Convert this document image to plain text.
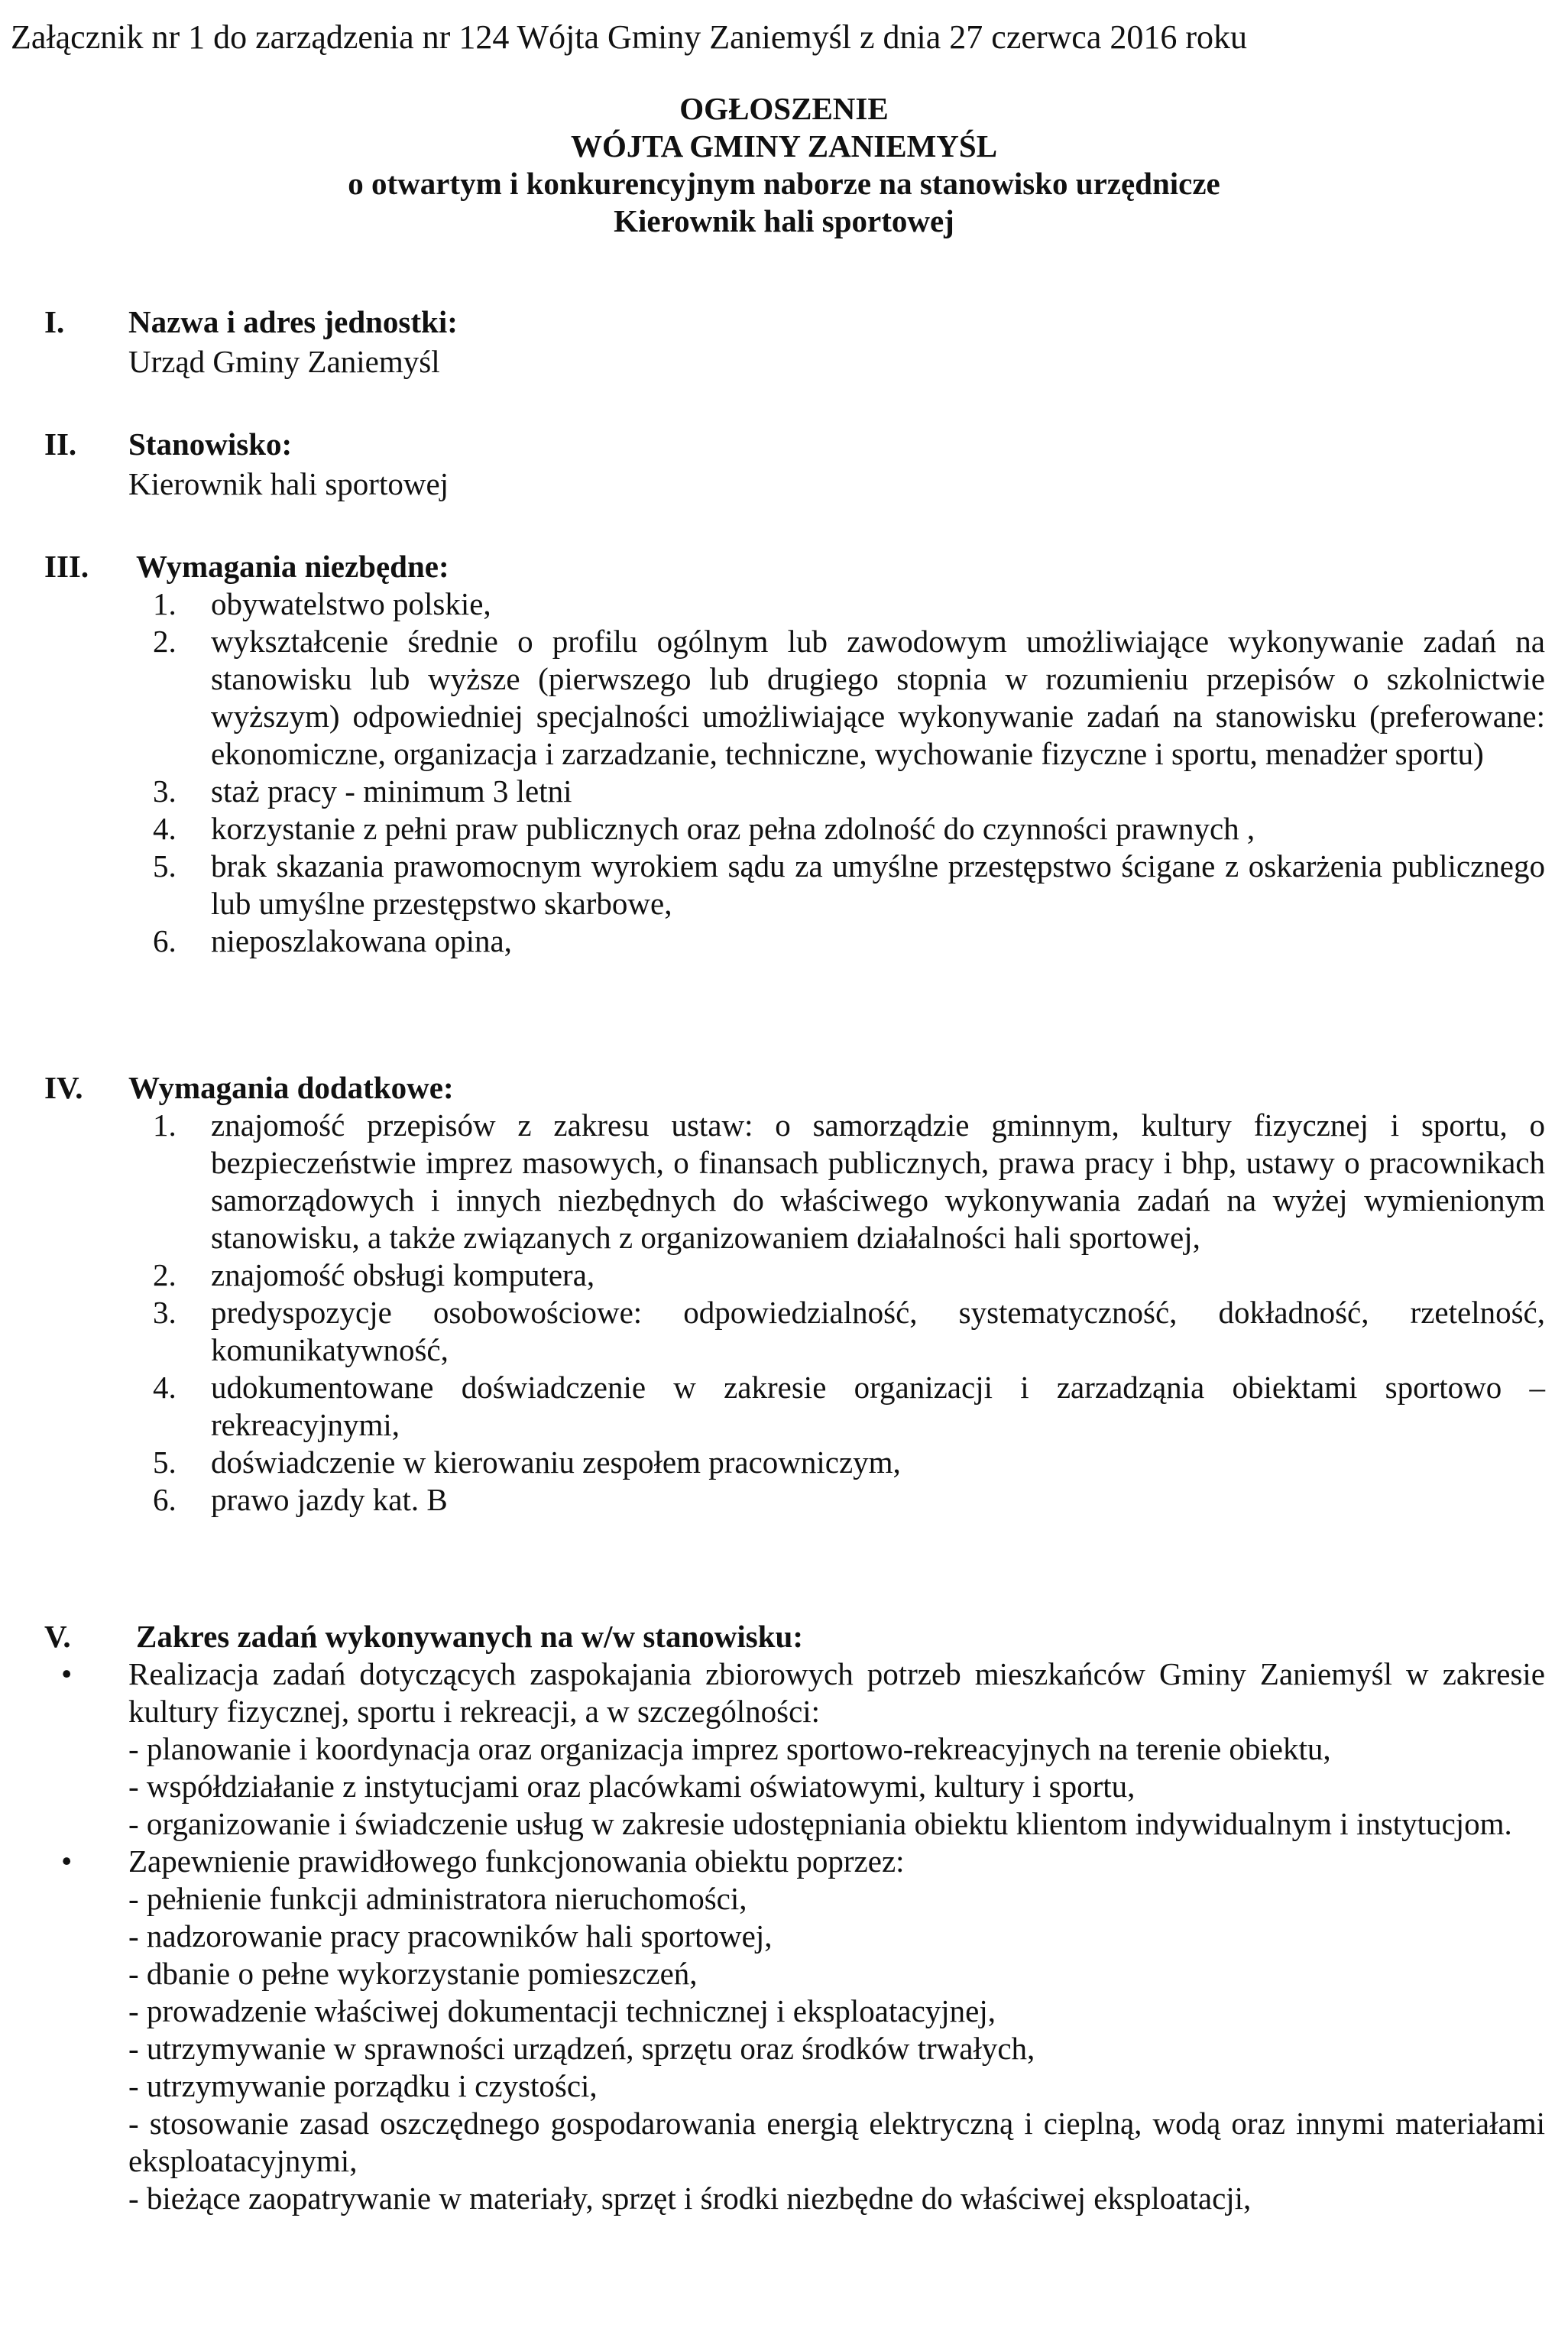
Załącznik nr 1 do zarządzenia nr 124 Wójta Gminy Zaniemyśl z dnia 27 czerwca 2016 roku
OGŁOSZENIE
WÓJTA GMINY ZANIEMYŚL
o otwartym i konkurencyjnym naborze na stanowisko urzędnicze
Kierownik hali sportowej
I. Nazwa i adres jednostki:
Urząd Gminy Zaniemyśl
II. Stanowisko:
Kierownik hali sportowej
III. Wymagania niezbędne:
1. obywatelstwo polskie,
2. wykształcenie średnie o profilu ogólnym lub zawodowym umożliwiające wykonywanie zadań na stanowisku lub wyższe (pierwszego lub drugiego stopnia w rozumieniu przepisów o szkolnictwie wyższym) odpowiedniej specjalności umożliwiające wykonywanie zadań na stanowisku (preferowane: ekonomiczne, organizacja i zarzadzanie, techniczne, wychowanie fizyczne i sportu, menadżer sportu)
3. staż pracy - minimum 3 letni
4. korzystanie z pełni praw publicznych oraz pełna zdolność do czynności prawnych ,
5. brak skazania prawomocnym wyrokiem sądu za umyślne przestępstwo ścigane z oskarżenia publicznego lub umyślne przestępstwo skarbowe,
6. nieposzlakowana opina,
IV. Wymagania dodatkowe:
1. znajomość przepisów z zakresu ustaw: o samorządzie gminnym, kultury fizycznej i sportu, o bezpieczeństwie imprez masowych, o finansach publicznych, prawa pracy i bhp, ustawy o pracownikach samorządowych i innych niezbędnych do właściwego wykonywania zadań na wyżej wymienionym stanowisku, a także związanych z organizowaniem działalności hali sportowej,
2. znajomość obsługi komputera,
3. predyspozycje osobowościowe: odpowiedzialność, systematyczność, dokładność, rzetelność, komunikatywność,
4. udokumentowane doświadczenie w zakresie organizacji i zarzadząnia obiektami sportowo – rekreacyjnymi,
5. doświadczenie w kierowaniu zespołem pracowniczym,
6. prawo jazdy kat. B
V. Zakres zadań wykonywanych na w/w stanowisku:
• Realizacja zadań dotyczących zaspokajania zbiorowych potrzeb mieszkańców Gminy Zaniemyśl w zakresie kultury fizycznej, sportu i rekreacji, a w szczególności:
- planowanie i koordynacja oraz organizacja imprez sportowo-rekreacyjnych na terenie obiektu,
- współdziałanie z instytucjami oraz placówkami oświatowymi, kultury i sportu,
- organizowanie i świadczenie usług w zakresie udostępniania obiektu klientom indywidualnym i instytucjom.
• Zapewnienie prawidłowego funkcjonowania obiektu poprzez:
- pełnienie funkcji administratora nieruchomości,
- nadzorowanie pracy pracowników hali sportowej,
- dbanie o pełne wykorzystanie pomieszczeń,
- prowadzenie właściwej dokumentacji technicznej i eksploatacyjnej,
- utrzymywanie w sprawności urządzeń, sprzętu oraz środków trwałych,
- utrzymywanie porządku i czystości,
- stosowanie zasad oszczędnego gospodarowania energią elektryczną i cieplną, wodą oraz innymi materiałami eksploatacyjnymi,
- bieżące zaopatrywanie w materiały, sprzęt i środki niezbędne do właściwej eksploatacji,
